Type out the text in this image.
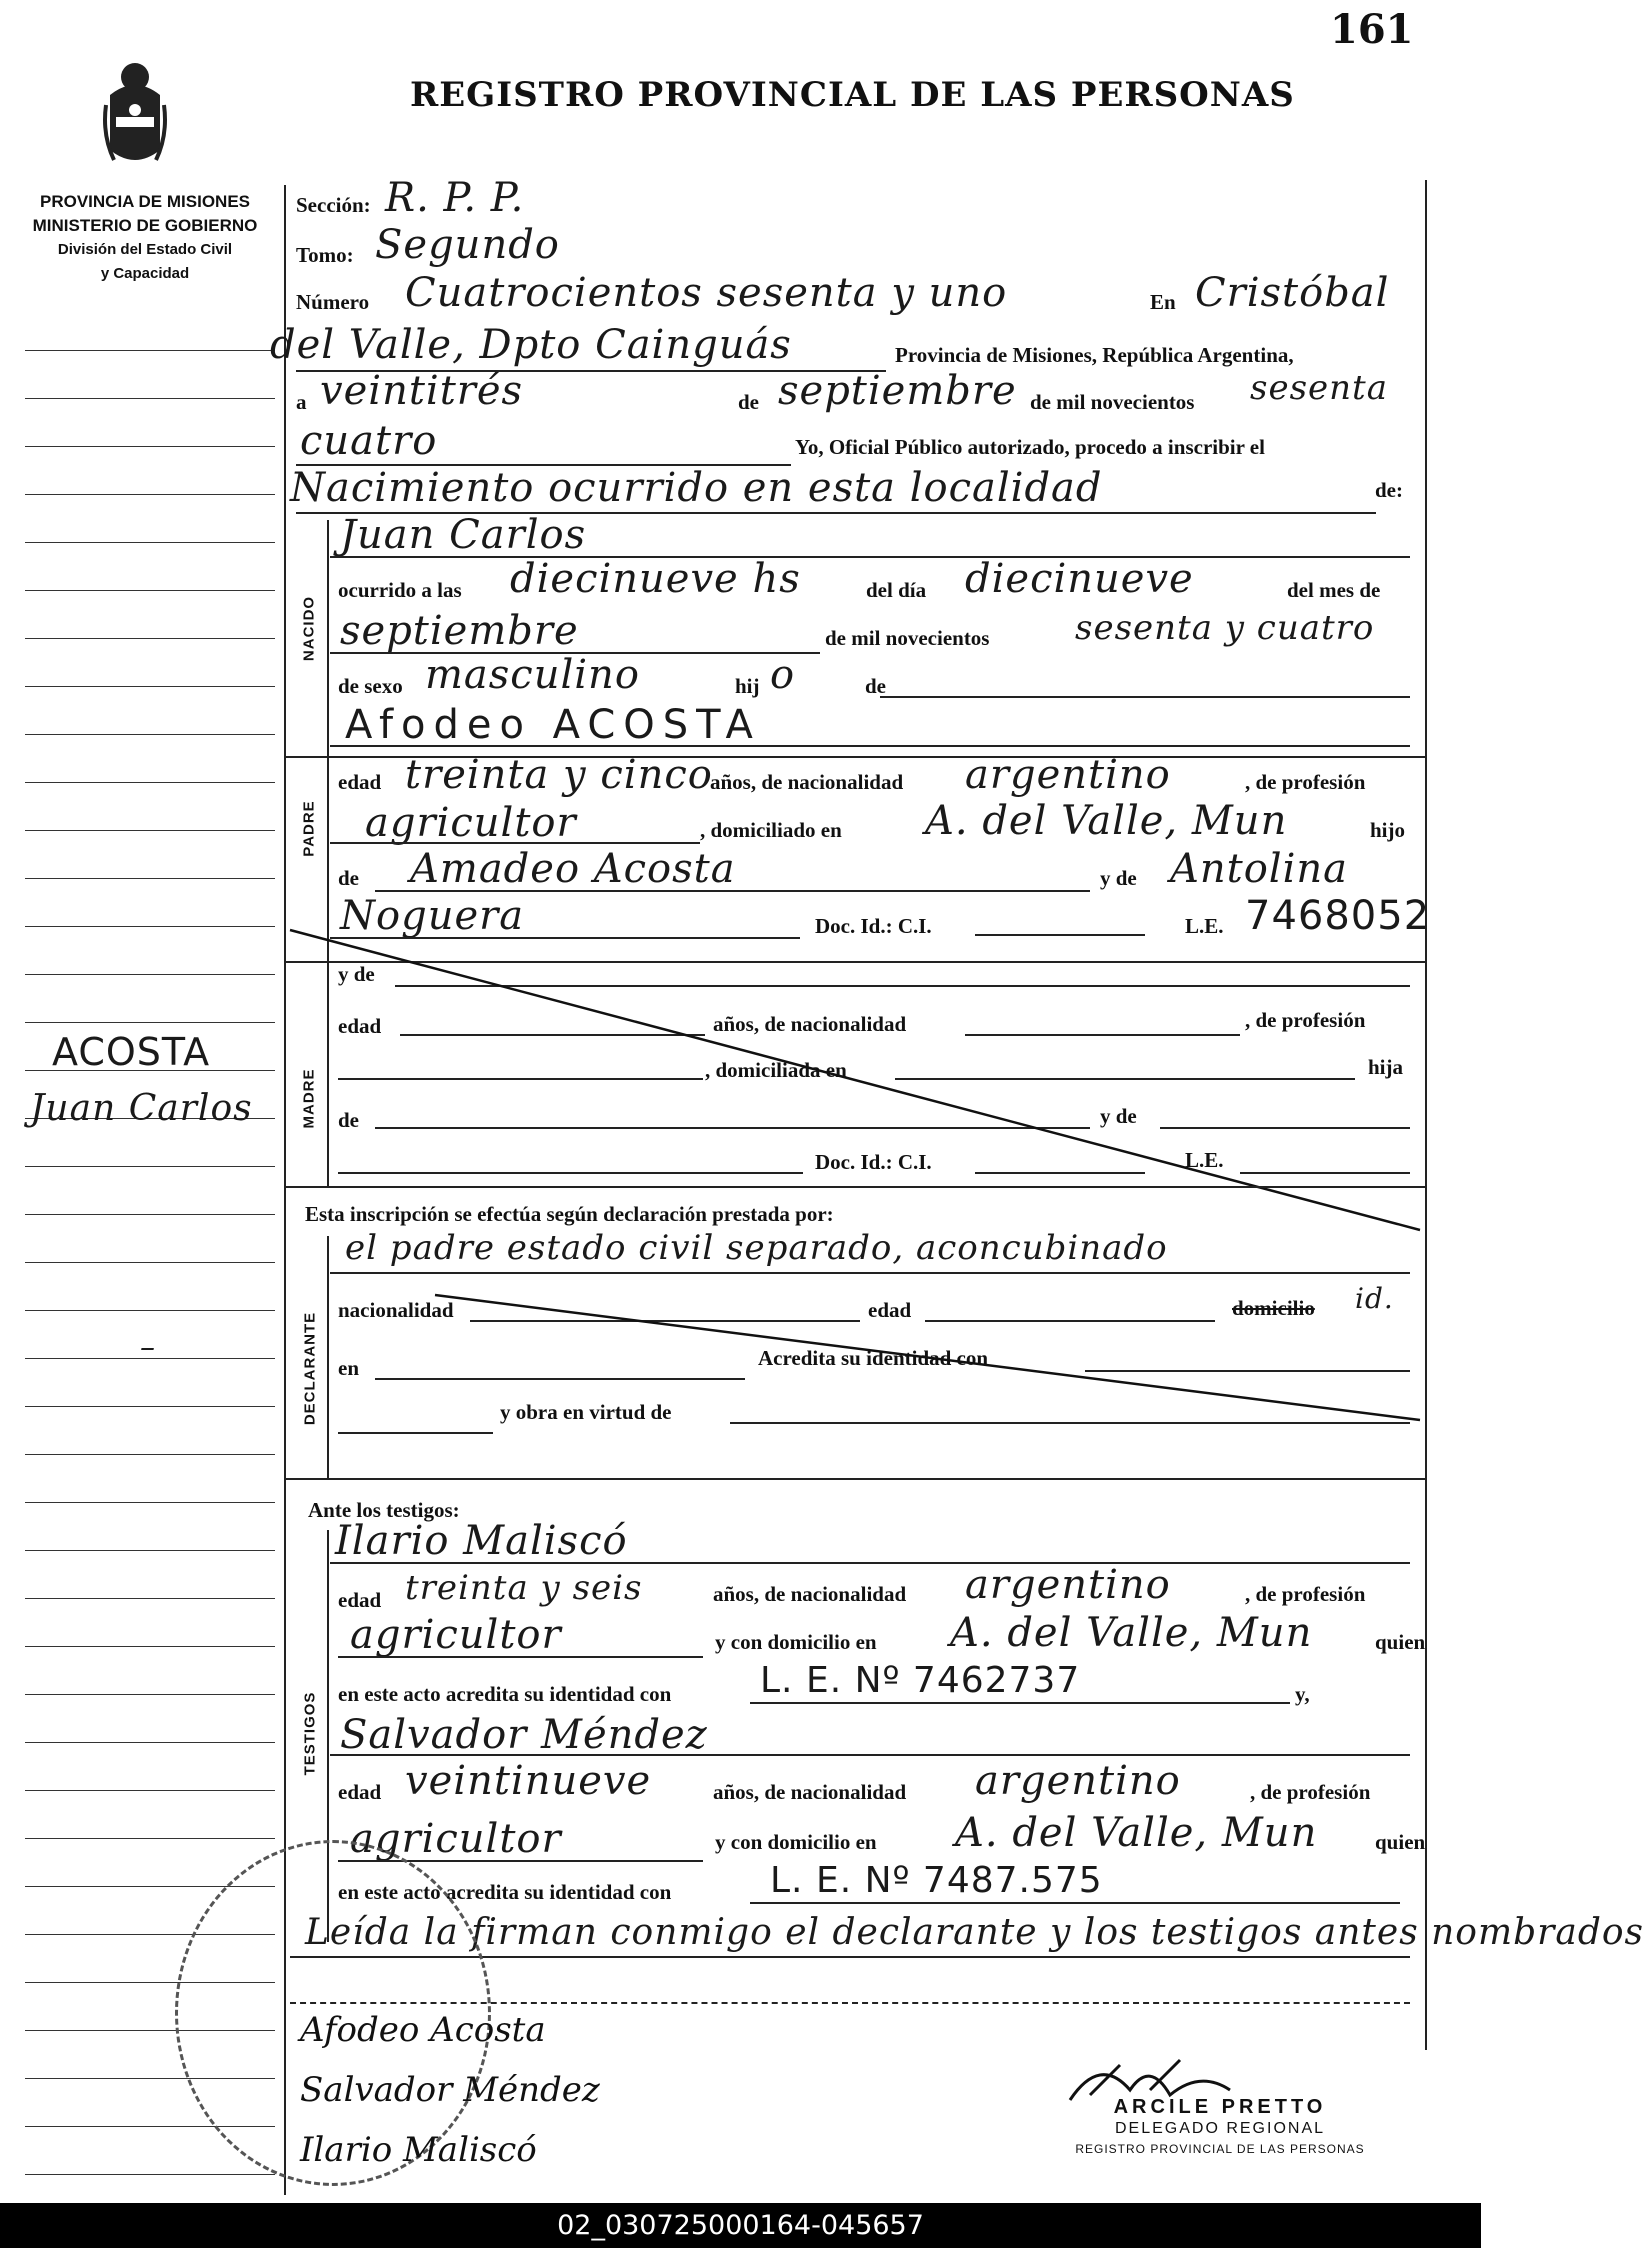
161
REGISTRO PROVINCIAL DE LAS PERSONAS
PROVINCIA DE MISIONES
MINISTERIO DE GOBIERNO
División del Estado Civil
y Capacidad
ACOSTA
Juan Carlos
–
Sección: R. P. P.
Tomo: Segundo
Número Cuatrocientos sesenta y uno	En Cristóbal
del Valle, Dpto Cainguás	Provincia de Misiones, República Argentina,
a veintitrés	de septiembre de mil novecientos sesenta
cuatro	Yo, Oficial Público autorizado, procedo a inscribir el
Nacimiento ocurrido en esta localidad	de:
NACIDO
Juan Carlos
ocurrido a las diecinueve hs	del día diecinueve	del mes de
septiembre	de mil novecientos	sesenta y cuatro
de sexo masculino	hij o	de
PADRE
Afodeo ACOSTA
edad treinta y cinco
años, de nacionalidad argentino	, de profesión
agricultor	, domiciliado en A. del Valle, Mun	hijo
de Amadeo Acosta	y de Antolina
Noguera	Doc. Id.: C.I.	L.E. 7468052
MADRE
y de
edad	años, de nacionalidad	, de profesión
, domiciliada en	hija
de	y de
Doc. Id.: C.I.	L.E.
Esta inscripción se efectúa según declaración prestada por:
DECLARANTE
el padre estado civil separado, aconcubinado
nacionalidad	edad	domicilio id.
en	Acredita su identidad con
y obra en virtud de
Ante los testigos:
TESTIGOS
Ilario Maliscó
edad treinta y seis	años, de nacionalidad argentino	, de profesión
agricultor	y con domicilio en A. del Valle, Mun	quien
en este acto acredita su identidad con L. E. Nº 7462737	y,
Salvador Méndez
edad veintinueve	años, de nacionalidad argentino	, de profesión
agricultor	y con domicilio en A. del Valle, Mun	quien
en este acto acredita su identidad con	L. E. Nº 7487.575
Leída la firman conmigo el declarante y los testigos antes nombrados
Afodeo Acosta
Salvador Méndez
Ilario Maliscó
ARCILE PRETTO
DELEGADO REGIONAL
REGISTRO PROVINCIAL DE LAS PERSONAS
02_030725000164-045657
